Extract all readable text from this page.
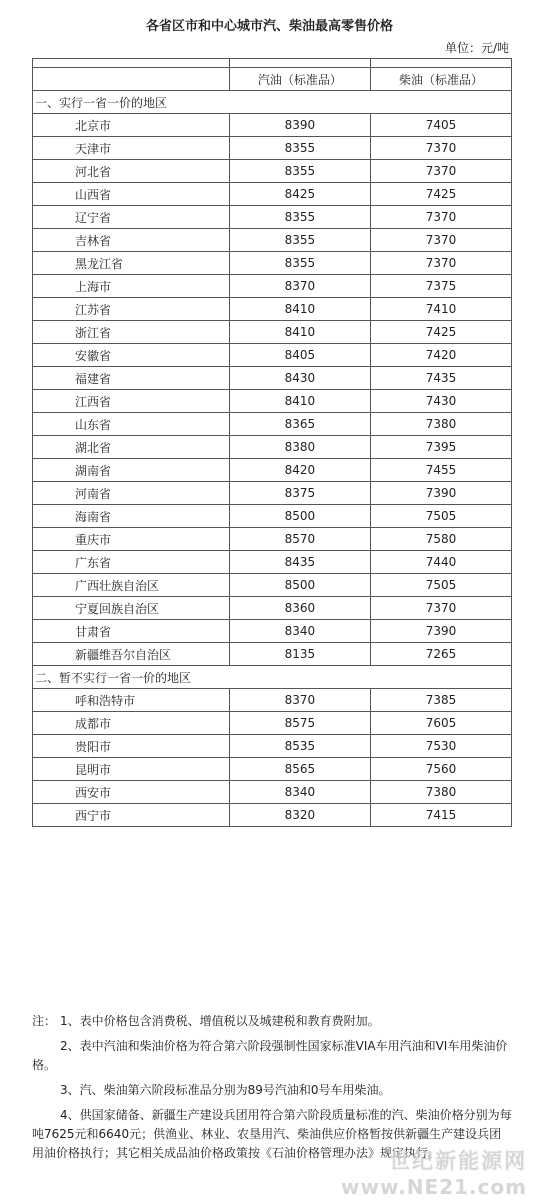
各省区市和中心城市汽、柴油最高零售价格
单位：元/吨

	汽油（标准品）	柴油（标准品）
一、实行一省一价的地区		
北京市	8390	7405
天津市	8355	7370
河北省	8355	7370
山西省	8425	7425
辽宁省	8355	7370
吉林省	8355	7370
黑龙江省	8355	7370
上海市	8370	7375
江苏省	8410	7410
浙江省	8410	7425
安徽省	8405	7420
福建省	8430	7435
江西省	8410	7430
山东省	8365	7380
湖北省	8380	7395
湖南省	8420	7455
河南省	8375	7390
海南省	8500	7505
重庆市	8570	7580
广东省	8435	7440
广西壮族自治区	8500	7505
宁夏回族自治区	8360	7370
甘肃省	8340	7390
新疆维吾尔自治区	8135	7265
二、暂不实行一省一价的地区		
呼和浩特市	8370	7385
成都市	8575	7605
贵阳市	8535	7530
昆明市	8565	7560
西安市	8340	7380
西宁市	8320	7415
注： 1、表中价格包含消费税、增值税以及城建税和教育费附加。
2、表中汽油和柴油价格为符合第六阶段强制性国家标准VIA车用汽油和VI车用柴油价格。
3、汽、柴油第六阶段标准品分别为89号汽油和0号车用柴油。
4、供国家储备、新疆生产建设兵团用符合第六阶段质量标准的汽、柴油价格分别为每吨7625元和6640元；供渔业、林业、农垦用汽、柴油供应价格暂按供新疆生产建设兵团用油价格执行；其它相关成品油价格政策按《石油价格管理办法》规定执行。
世纪新能源网
www.NE21.com
